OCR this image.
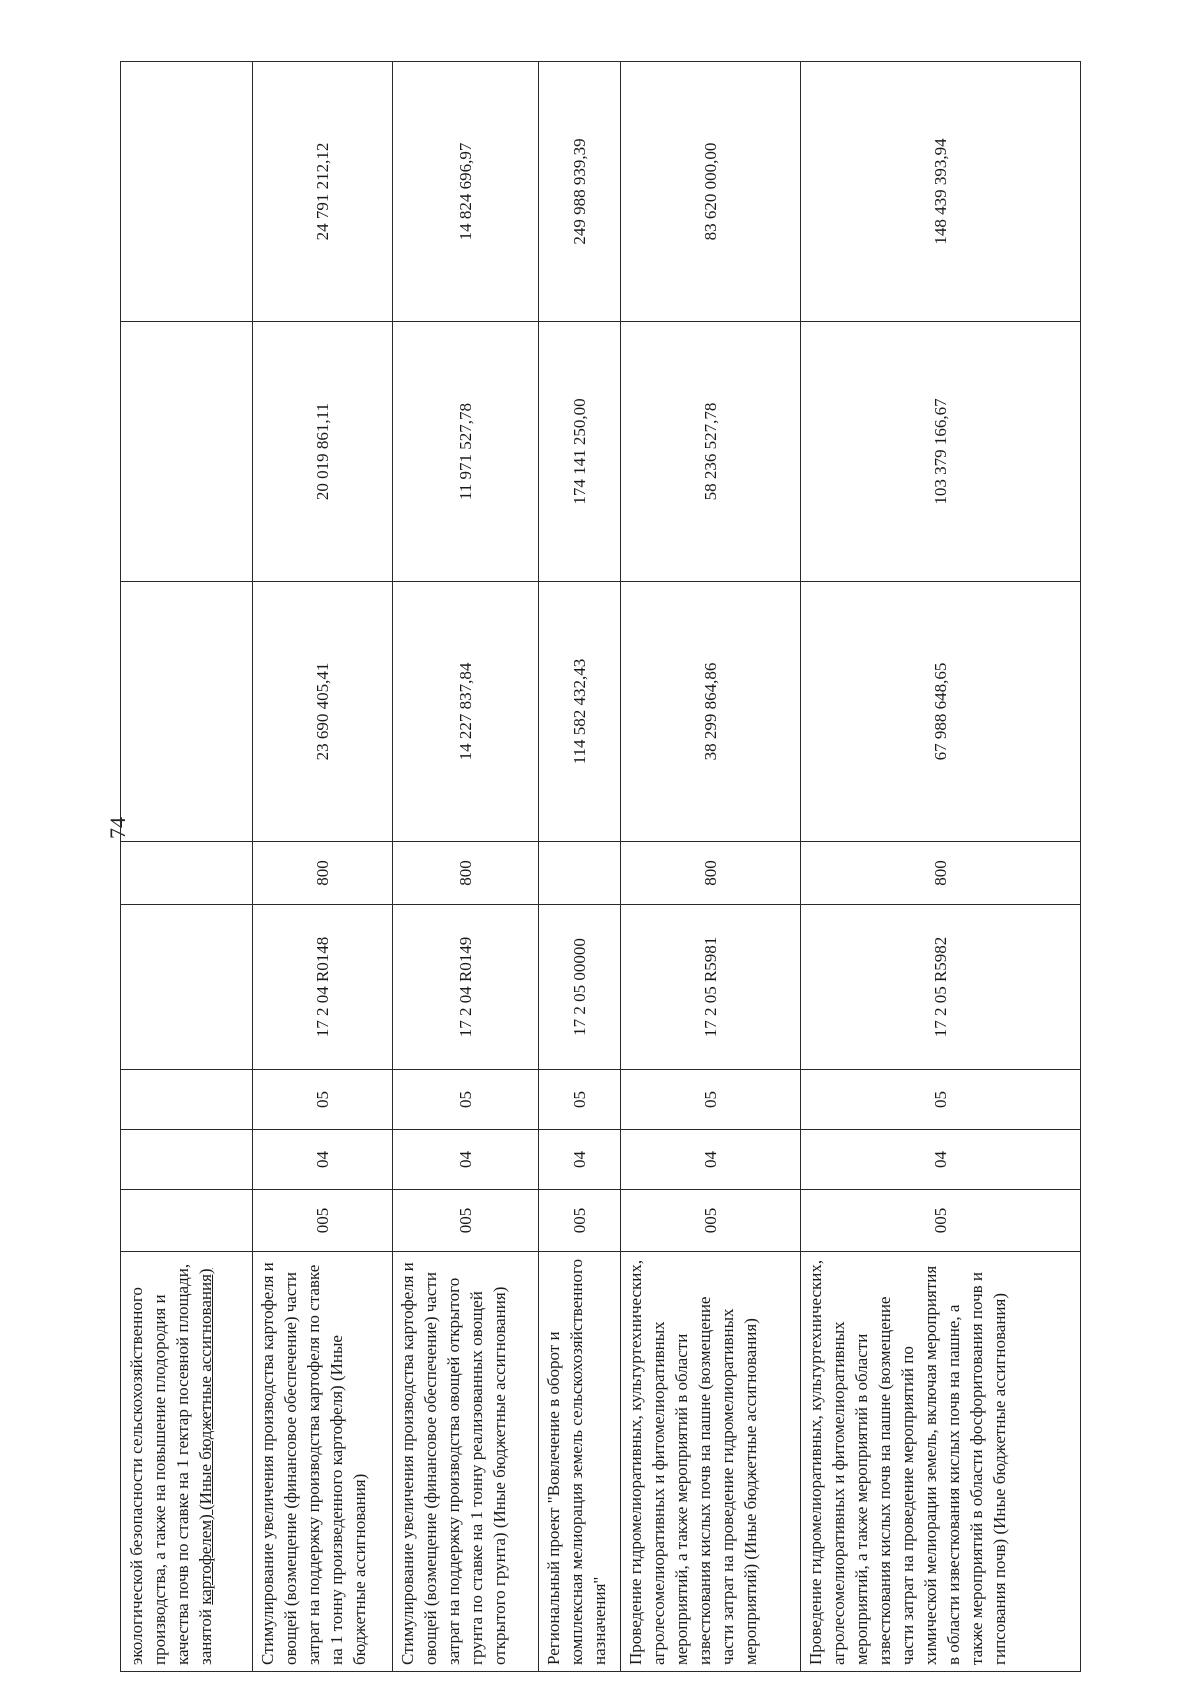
74
экологической безопасности сельскохозяйственного производства, а также на повышение плодородия и качества почв по ставке на 1 гектар посевной площади, занятой картофелем) (Иные бюджетные ассигнования)								
Стимулирование увеличения производства картофеля и овощей (возмещение (финансовое обеспечение) части затрат на поддержку производства картофеля по ставке на 1 тонну произведенного картофеля) (Иные бюджетные ассигнования)	005	04	05	17 2 04 R0148	800	23 690 405,41	20 019 861,11	24 791 212,12
Стимулирование увеличения производства картофеля и овощей (возмещение (финансовое обеспечение) части затрат на поддержку производства овощей открытого грунта по ставке на 1 тонну реализованных овощей открытого грунта) (Иные бюджетные ассигнования)	005	04	05	17 2 04 R0149	800	14 227 837,84	11 971 527,78	14 824 696,97
Региональный проект "Вовлечение в оборот и комплексная мелиорация земель сельскохозяйственного назначения"	005	04	05	17 2 05 00000		114 582 432,43	174 141 250,00	249 988 939,39
Проведение гидромелиоративных, культуртехнических, агролесомелиоративных и фитомелиоративных мероприятий, а также мероприятий в области известкования кислых почв на пашне (возмещение части затрат на проведение гидромелиоративных мероприятий) (Иные бюджетные ассигнования)	005	04	05	17 2 05 R5981	800	38 299 864,86	58 236 527,78	83 620 000,00
Проведение гидромелиоративных, культуртехнических, агролесомелиоративных и фитомелиоративных мероприятий, а также мероприятий в области известкования кислых почв на пашне (возмещение части затрат на проведение мероприятий по химической мелиорации земель, включая мероприятия в области известкования кислых почв на пашне, а также мероприятий в области фосфоритования почв и гипсования почв) (Иные бюджетные ассигнования)	005	04	05	17 2 05 R5982	800	67 988 648,65	103 379 166,67	148 439 393,94
